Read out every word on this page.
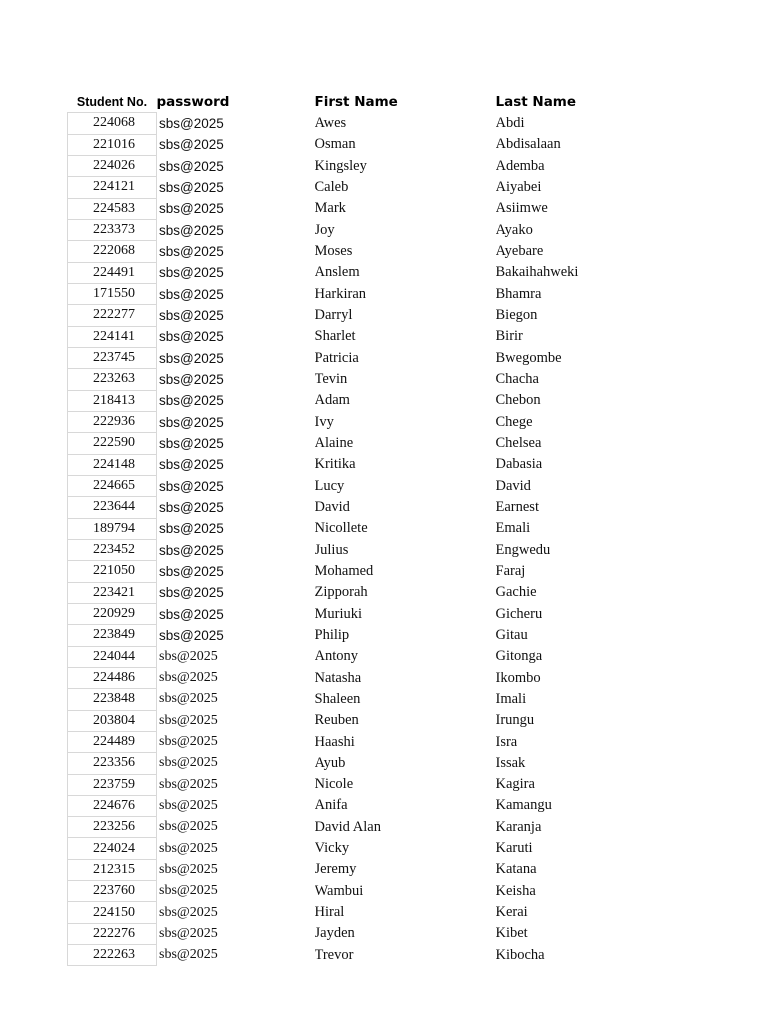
Student No.	password	First Name	Last Name
224068	sbs@2025	Awes	Abdi
221016	sbs@2025	Osman	Abdisalaan
224026	sbs@2025	Kingsley	Ademba
224121	sbs@2025	Caleb	Aiyabei
224583	sbs@2025	Mark	Asiimwe
223373	sbs@2025	Joy	Ayako
222068	sbs@2025	Moses	Ayebare
224491	sbs@2025	Anslem	Bakaihahweki
171550	sbs@2025	Harkiran	Bhamra
222277	sbs@2025	Darryl	Biegon
224141	sbs@2025	Sharlet	Birir
223745	sbs@2025	Patricia	Bwegombe
223263	sbs@2025	Tevin	Chacha
218413	sbs@2025	Adam	Chebon
222936	sbs@2025	Ivy	Chege
222590	sbs@2025	Alaine	Chelsea
224148	sbs@2025	Kritika	Dabasia
224665	sbs@2025	Lucy	David
223644	sbs@2025	David	Earnest
189794	sbs@2025	Nicollete	Emali
223452	sbs@2025	Julius	Engwedu
221050	sbs@2025	Mohamed	Faraj
223421	sbs@2025	Zipporah	Gachie
220929	sbs@2025	Muriuki	Gicheru
223849	sbs@2025	Philip	Gitau
224044	sbs@2025	Antony	Gitonga
224486	sbs@2025	Natasha	Ikombo
223848	sbs@2025	Shaleen	Imali
203804	sbs@2025	Reuben	Irungu
224489	sbs@2025	Haashi	Isra
223356	sbs@2025	Ayub	Issak
223759	sbs@2025	Nicole	Kagira
224676	sbs@2025	Anifa	Kamangu
223256	sbs@2025	David Alan	Karanja
224024	sbs@2025	Vicky	Karuti
212315	sbs@2025	Jeremy	Katana
223760	sbs@2025	Wambui	Keisha
224150	sbs@2025	Hiral	Kerai
222276	sbs@2025	Jayden	Kibet
222263	sbs@2025	Trevor	Kibocha
